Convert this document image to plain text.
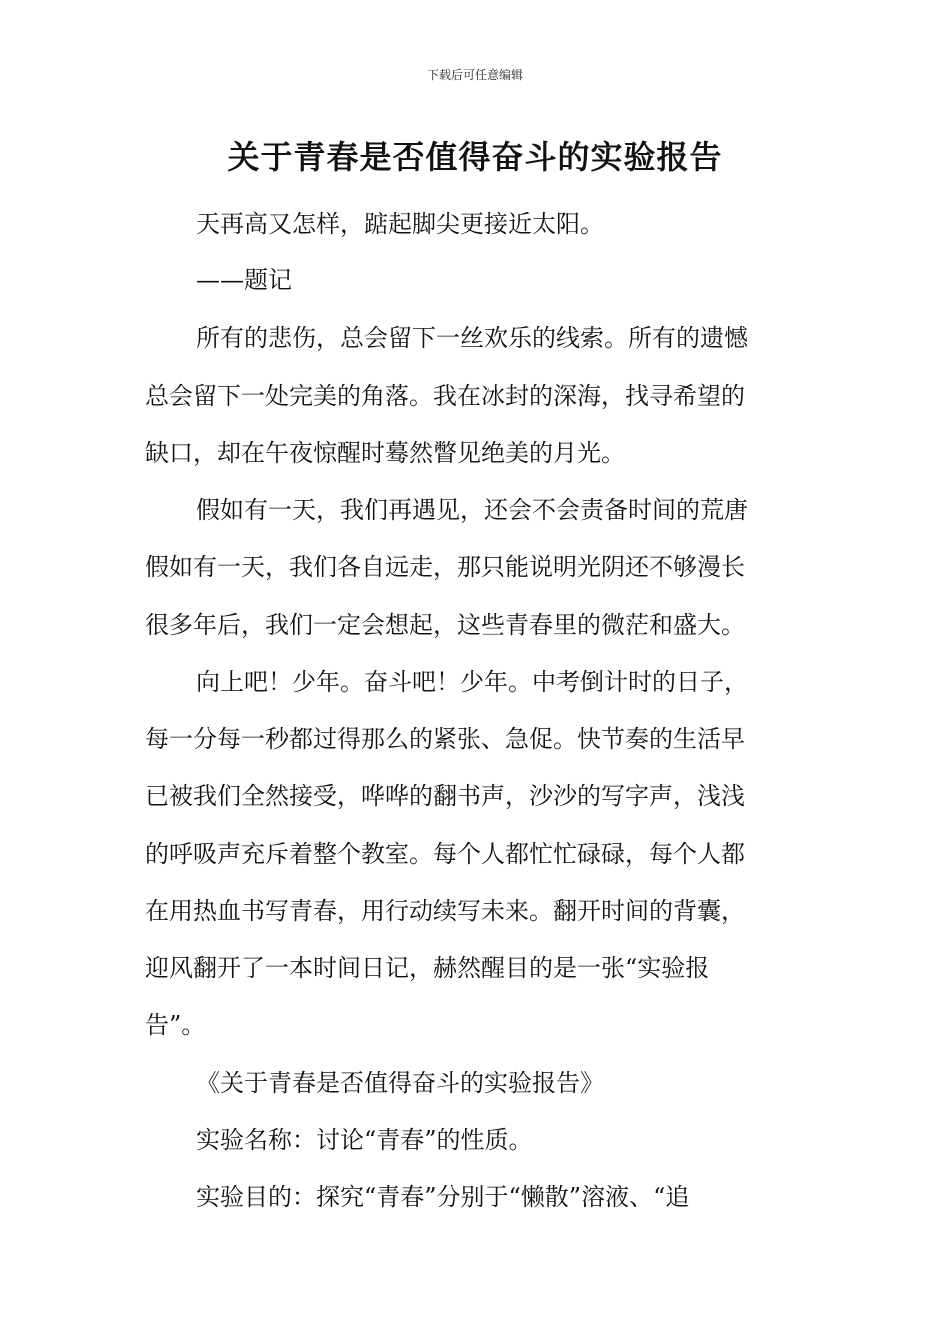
下载后可任意编辑
关于青春是否值得奋斗的实验报告
天再高又怎样，踮起脚尖更接近太阳。
——题记
所有的悲伤，总会留下一丝欢乐的线索。所有的遗憾
总会留下一处完美的角落。我在冰封的深海，找寻希望的
缺口，却在午夜惊醒时蓦然瞥见绝美的月光。
假如有一天，我们再遇见，还会不会责备时间的荒唐
假如有一天，我们各自远走，那只能说明光阴还不够漫长
很多年后，我们一定会想起，这些青春里的微茫和盛大。
向上吧！少年。奋斗吧！少年。中考倒计时的日子，
每一分每一秒都过得那么的紧张、急促。快节奏的生活早
已被我们全然接受，哗哗的翻书声，沙沙的写字声，浅浅
的呼吸声充斥着整个教室。每个人都忙忙碌碌，每个人都
在用热血书写青春，用行动续写未来。翻开时间的背囊，
迎风翻开了一本时间日记，赫然醒目的是一张“实验报
告”。
《关于青春是否值得奋斗的实验报告》
实验名称：讨论“青春”的性质。
实验目的：探究“青春”分别于“懒散”溶液、“追
